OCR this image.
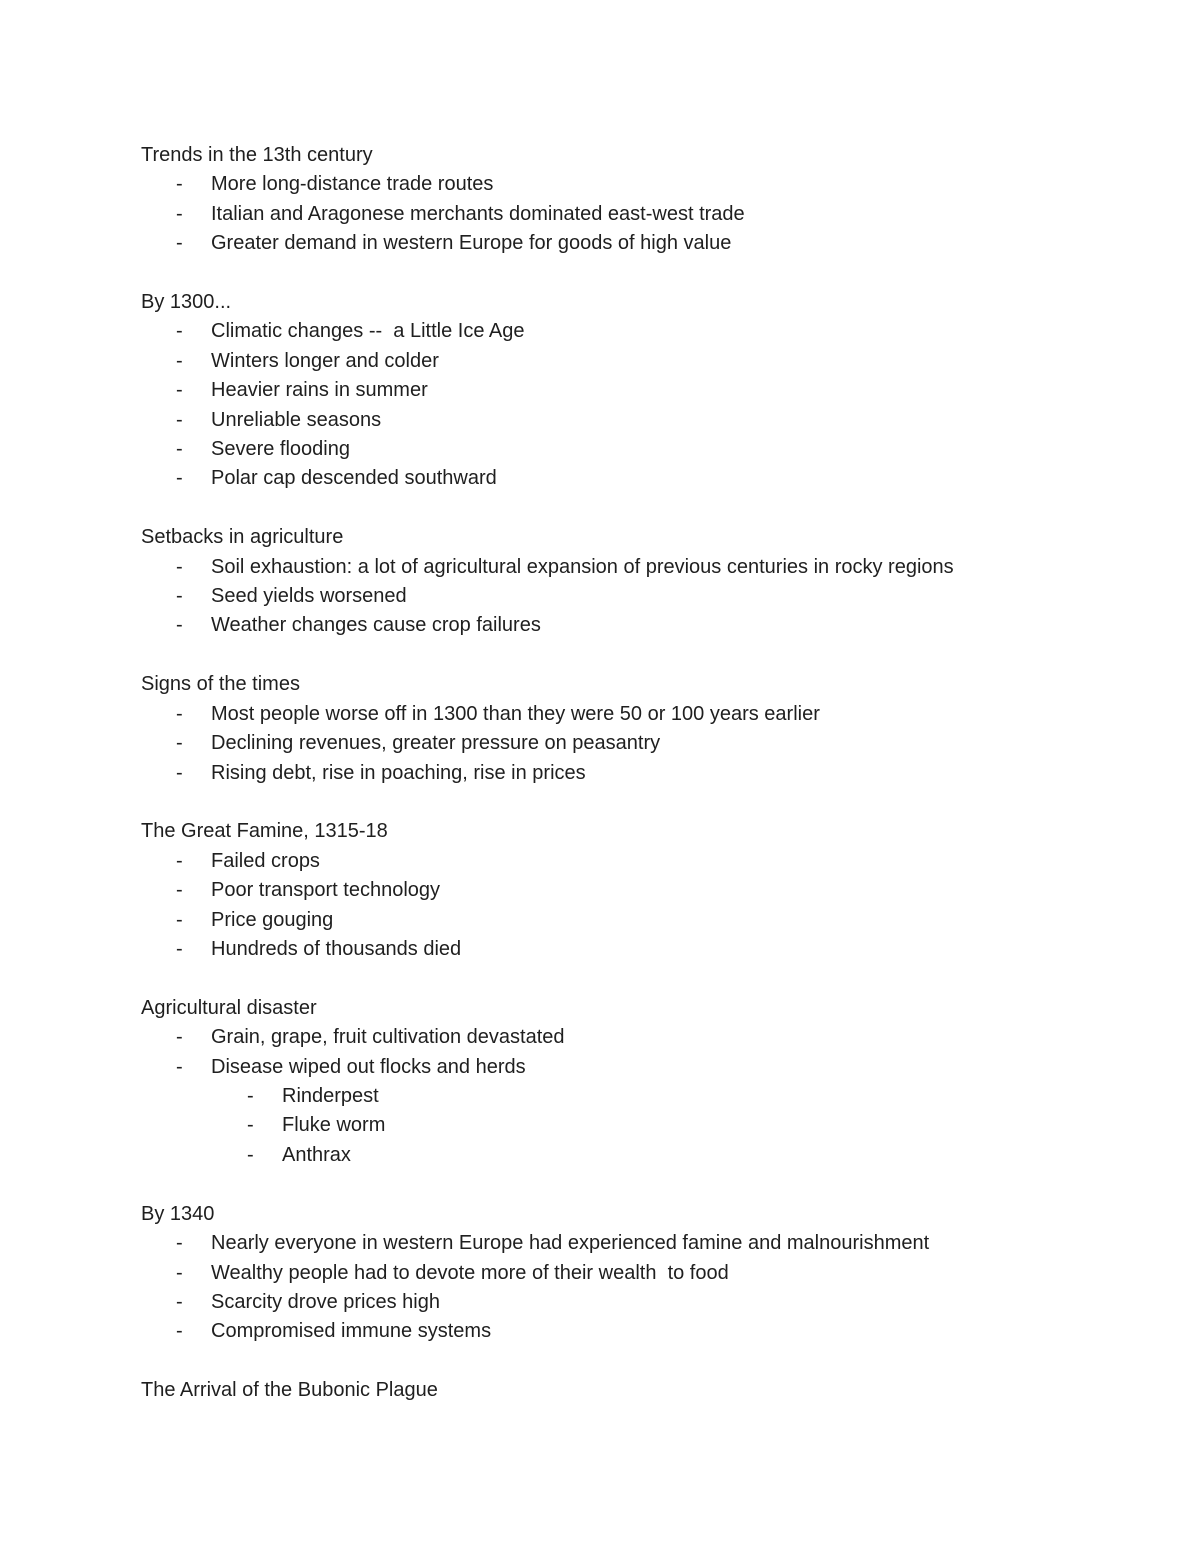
Trends in the 13th century
- More long-distance trade routes
- Italian and Aragonese merchants dominated east-west trade
- Greater demand in western Europe for goods of high value
By 1300...
- Climatic changes --  a Little Ice Age
- Winters longer and colder
- Heavier rains in summer
- Unreliable seasons
- Severe flooding
- Polar cap descended southward
Setbacks in agriculture
- Soil exhaustion: a lot of agricultural expansion of previous centuries in rocky regions
- Seed yields worsened
- Weather changes cause crop failures
Signs of the times
- Most people worse off in 1300 than they were 50 or 100 years earlier
- Declining revenues, greater pressure on peasantry
- Rising debt, rise in poaching, rise in prices
The Great Famine, 1315-18
- Failed crops
- Poor transport technology
- Price gouging
- Hundreds of thousands died
Agricultural disaster
- Grain, grape, fruit cultivation devastated
- Disease wiped out flocks and herds
- Rinderpest
- Fluke worm
- Anthrax
By 1340
- Nearly everyone in western Europe had experienced famine and malnourishment
- Wealthy people had to devote more of their wealth  to food
- Scarcity drove prices high
- Compromised immune systems
The Arrival of the Bubonic Plague
